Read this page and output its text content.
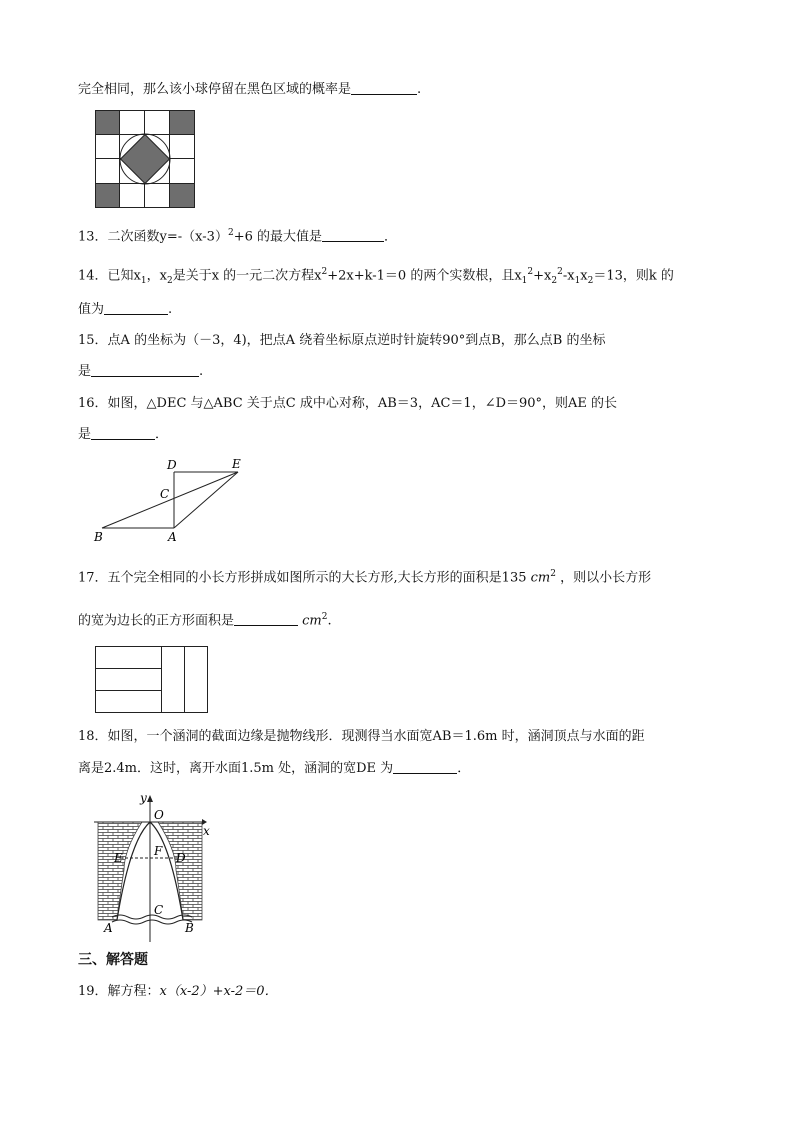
完全相同，那么该小球停留在黑色区域的概率是	.
13．二次函数$y=-(x-3)^2+6$ 的最大值是	．
14．已知$x_1$，$x_2$是关于x 的一元二次方程$x^2+2x+k-1=0$ 的两个实数根，且$x_1^2+x_2^2-x_1x_2=13$，则k 的
值为	.
15．点A 的坐标为（－3，4)，把点A 绕着坐标原点逆时针旋转90°到点B，那么点B 的坐标
是	.
16．如图，△DEC 与△ABC 关于点C 成中心对称，AB＝3，AC＝1，∠D＝90°，则AE 的长
是	．
D	E
C
B	A
17．五个完全相同的小长方形拼成如图所示的大长方形,大长方形的面积是135 $cm^2$ ，则以小长方形
的宽为边长的正方形面积是	$cm^2$.
18．如图，一个涵洞的截面边缘是抛物线形．现测得当水面宽AB＝1.6m 时，涵洞顶点与水面的距
离是2.4m．这时，离开水面1.5m 处，涵洞的宽DE 为	．
y
O
x
E	F D
C
A	B
三、解答题
19．解方程：x（x-2）+x-2＝0．
